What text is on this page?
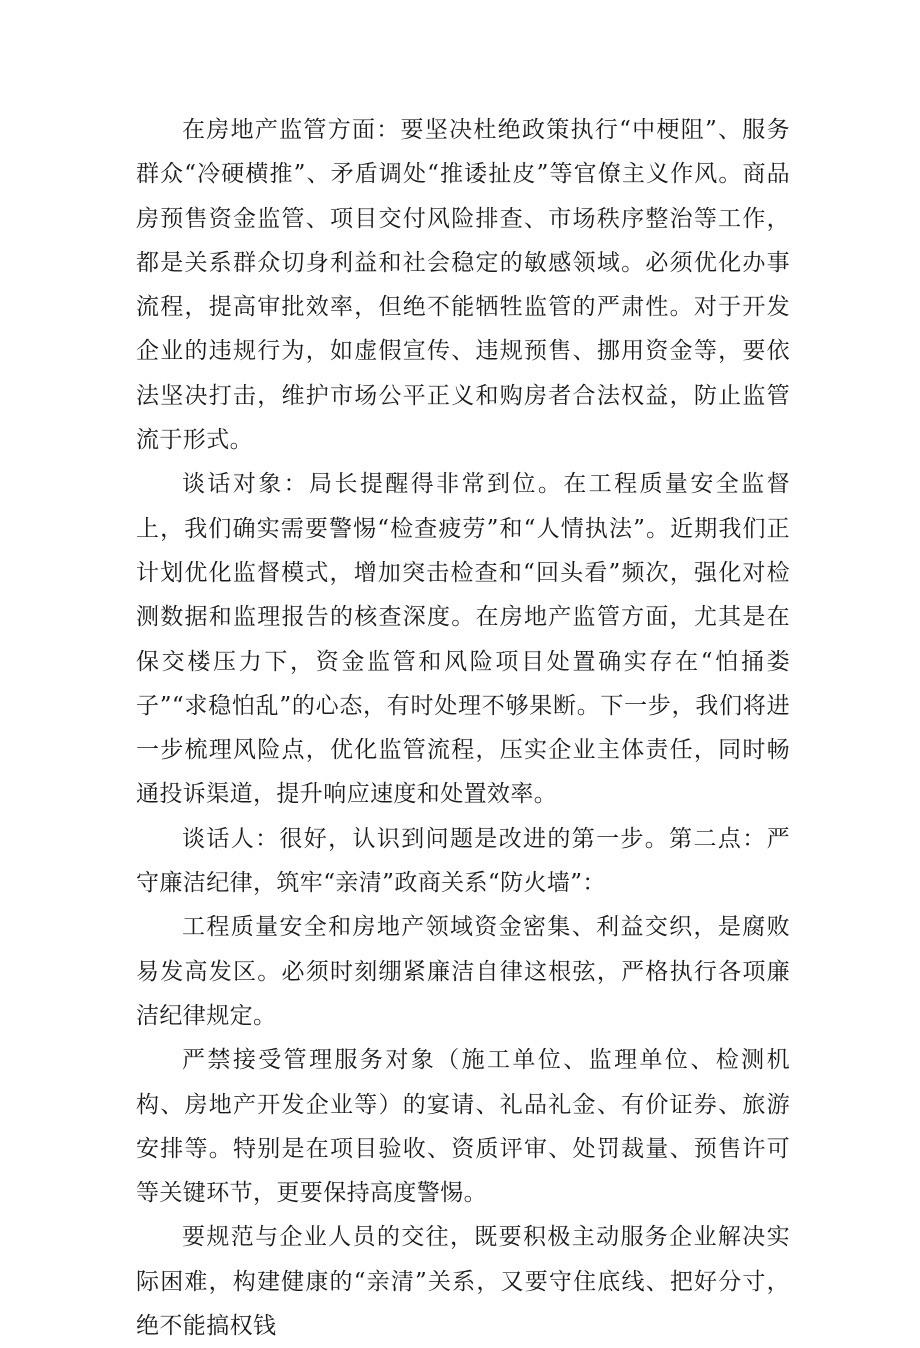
在房地产监管方面：要坚决杜绝政策执行“中梗阻”、服务群众“冷硬横推”、矛盾调处“推诿扯皮”等官僚主义作风。商品房预售资金监管、项目交付风险排查、市场秩序整治等工作，都是关系群众切身利益和社会稳定的敏感领域。必须优化办事流程，提高审批效率，但绝不能牺牲监管的严肃性。对于开发企业的违规行为，如虚假宣传、违规预售、挪用资金等，要依法坚决打击，维护市场公平正义和购房者合法权益，防止监管流于形式。

谈话对象：局长提醒得非常到位。在工程质量安全监督上，我们确实需要警惕“检查疲劳”和“人情执法”。近期我们正计划优化监督模式，增加突击检查和“回头看”频次，强化对检测数据和监理报告的核查深度。在房地产监管方面，尤其是在保交楼压力下，资金监管和风险项目处置确实存在“怕捅娄子”“求稳怕乱”的心态，有时处理不够果断。下一步，我们将进一步梳理风险点，优化监管流程，压实企业主体责任，同时畅通投诉渠道，提升响应速度和处置效率。

谈话人：很好，认识到问题是改进的第一步。第二点：严守廉洁纪律，筑牢“亲清”政商关系“防火墙”：

工程质量安全和房地产领域资金密集、利益交织，是腐败易发高发区。必须时刻绷紧廉洁自律这根弦，严格执行各项廉洁纪律规定。

严禁接受管理服务对象（施工单位、监理单位、检测机构、房地产开发企业等）的宴请、礼品礼金、有价证券、旅游安排等。特别是在项目验收、资质评审、处罚裁量、预售许可等关键环节，更要保持高度警惕。

要规范与企业人员的交往，既要积极主动服务企业解决实际困难，构建健康的“亲清”关系，又要守住底线、把好分寸，绝不能搞权钱
